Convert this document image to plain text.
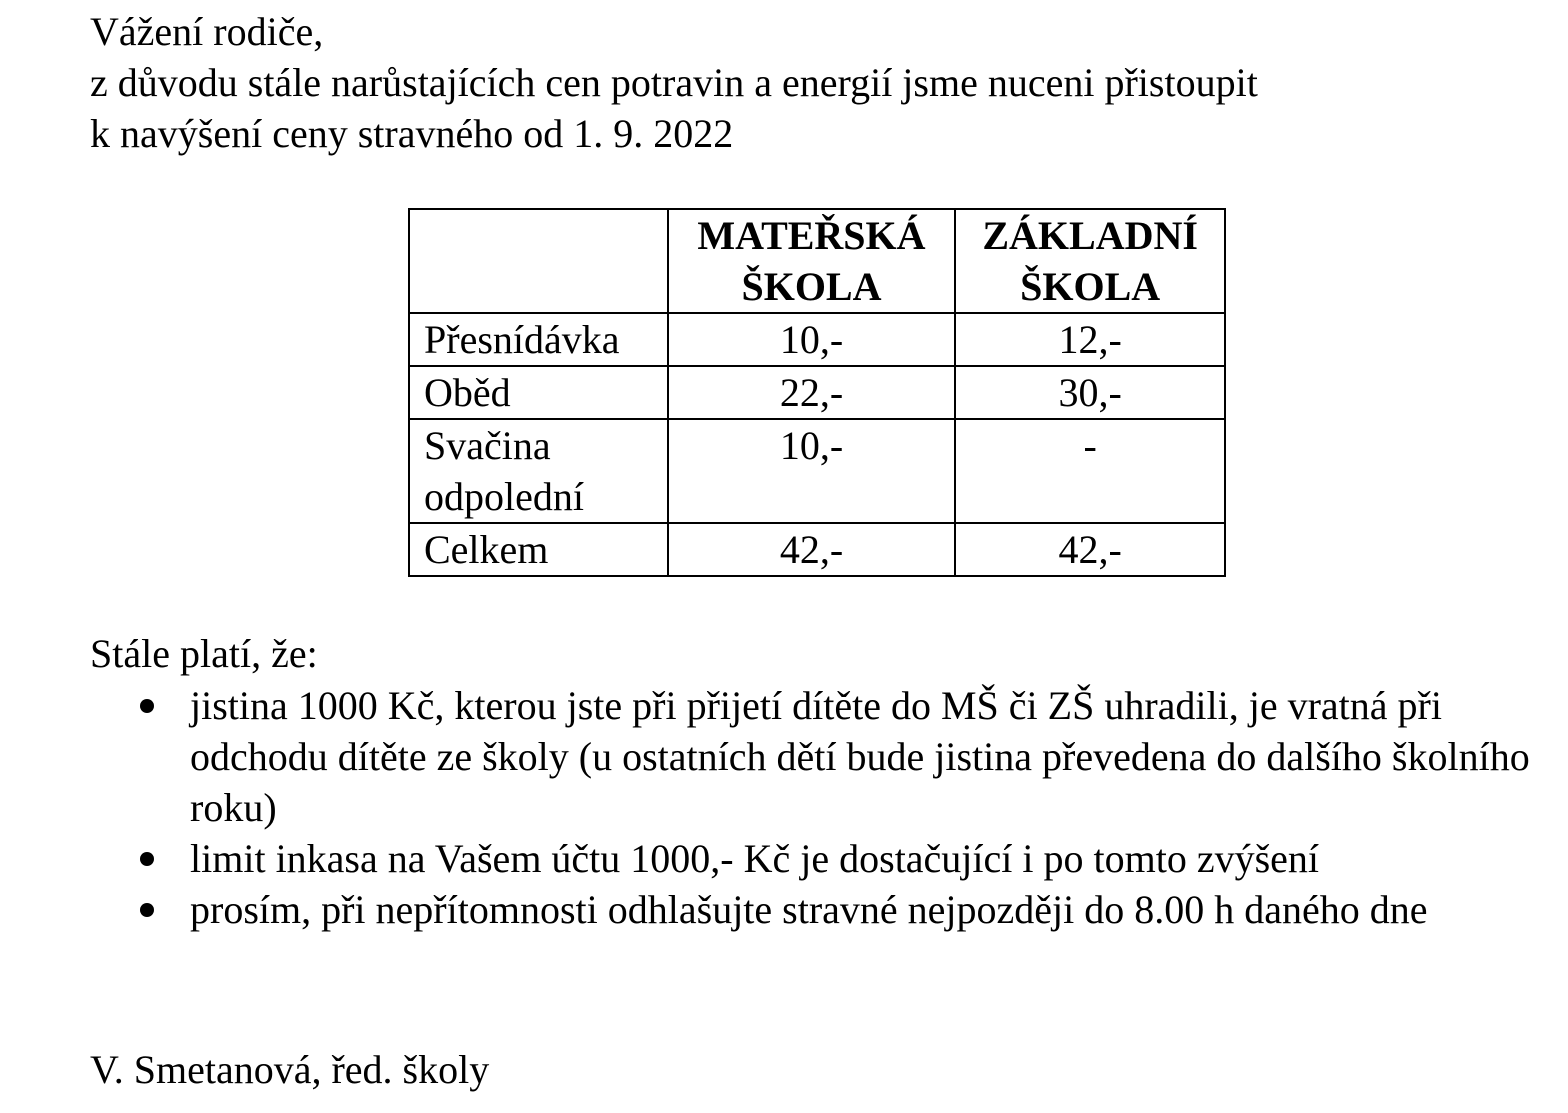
Vážení rodiče,

z důvodu stále narůstajících cen potravin a energií jsme nuceni přistoupit

k navýšení ceny stravného od 1. 9. 2022

	MATEŘSKÁ ŠKOLA	ZÁKLADNÍ ŠKOLA
Přesnídávka	10,-	12,-
Oběd	22,-	30,-
Svačina odpolední	10,-	-
Celkem	42,-	42,-

Stále platí, že:

jistina 1000 Kč, kterou jste při přijetí dítěte do MŠ či ZŠ uhradili, je vratná při odchodu dítěte ze školy (u ostatních dětí bude jistina převedena do dalšího školního roku)
limit inkasa na Vašem účtu 1000,- Kč je dostačující i po tomto zvýšení
prosím, při nepřítomnosti odhlašujte stravné nejpozději do 8.00 h daného dne

V. Smetanová, řed. školy
